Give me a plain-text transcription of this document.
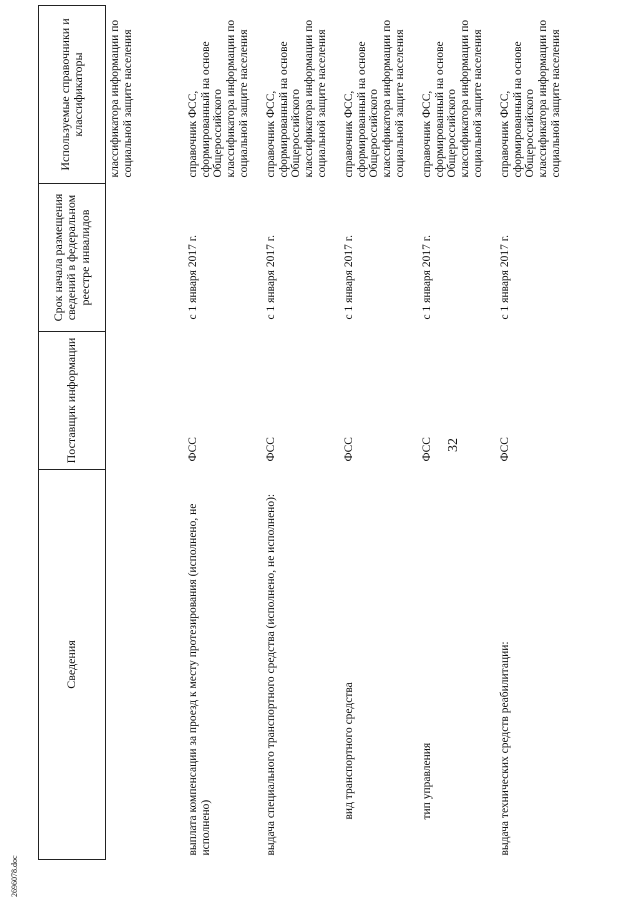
2696078.doc
32
Сведения	Поставщик информации	Срок начала размещения сведений в федеральном реестре инвалидов	Используемые справочники и классификаторы
			классификатора информации по социальной защите населения
выплата компенсации за проезд к месту протезирования (исполнено, не исполнено)	ФСС	с 1 января 2017 г.	справочник ФСС, сформированный на основе Общероссийского классификатора информации по социальной защите населения
выдача специального транспортного средства (исполнено, не исполнено):	ФСС	с 1 января 2017 г.	справочник ФСС, сформированный на основе Общероссийского классификатора информации по социальной защите населения
вид транспортного средства	ФСС	с 1 января 2017 г.	справочник ФСС, сформированный на основе Общероссийского классификатора информации по социальной защите населения
тип управления	ФСС	с 1 января 2017 г.	справочник ФСС, сформированный на основе Общероссийского классификатора информации по социальной защите населения
выдача технических средств реабилитации:	ФСС	с 1 января 2017 г.	справочник ФСС, сформированный на основе Общероссийского классификатора информации по социальной защите населения
